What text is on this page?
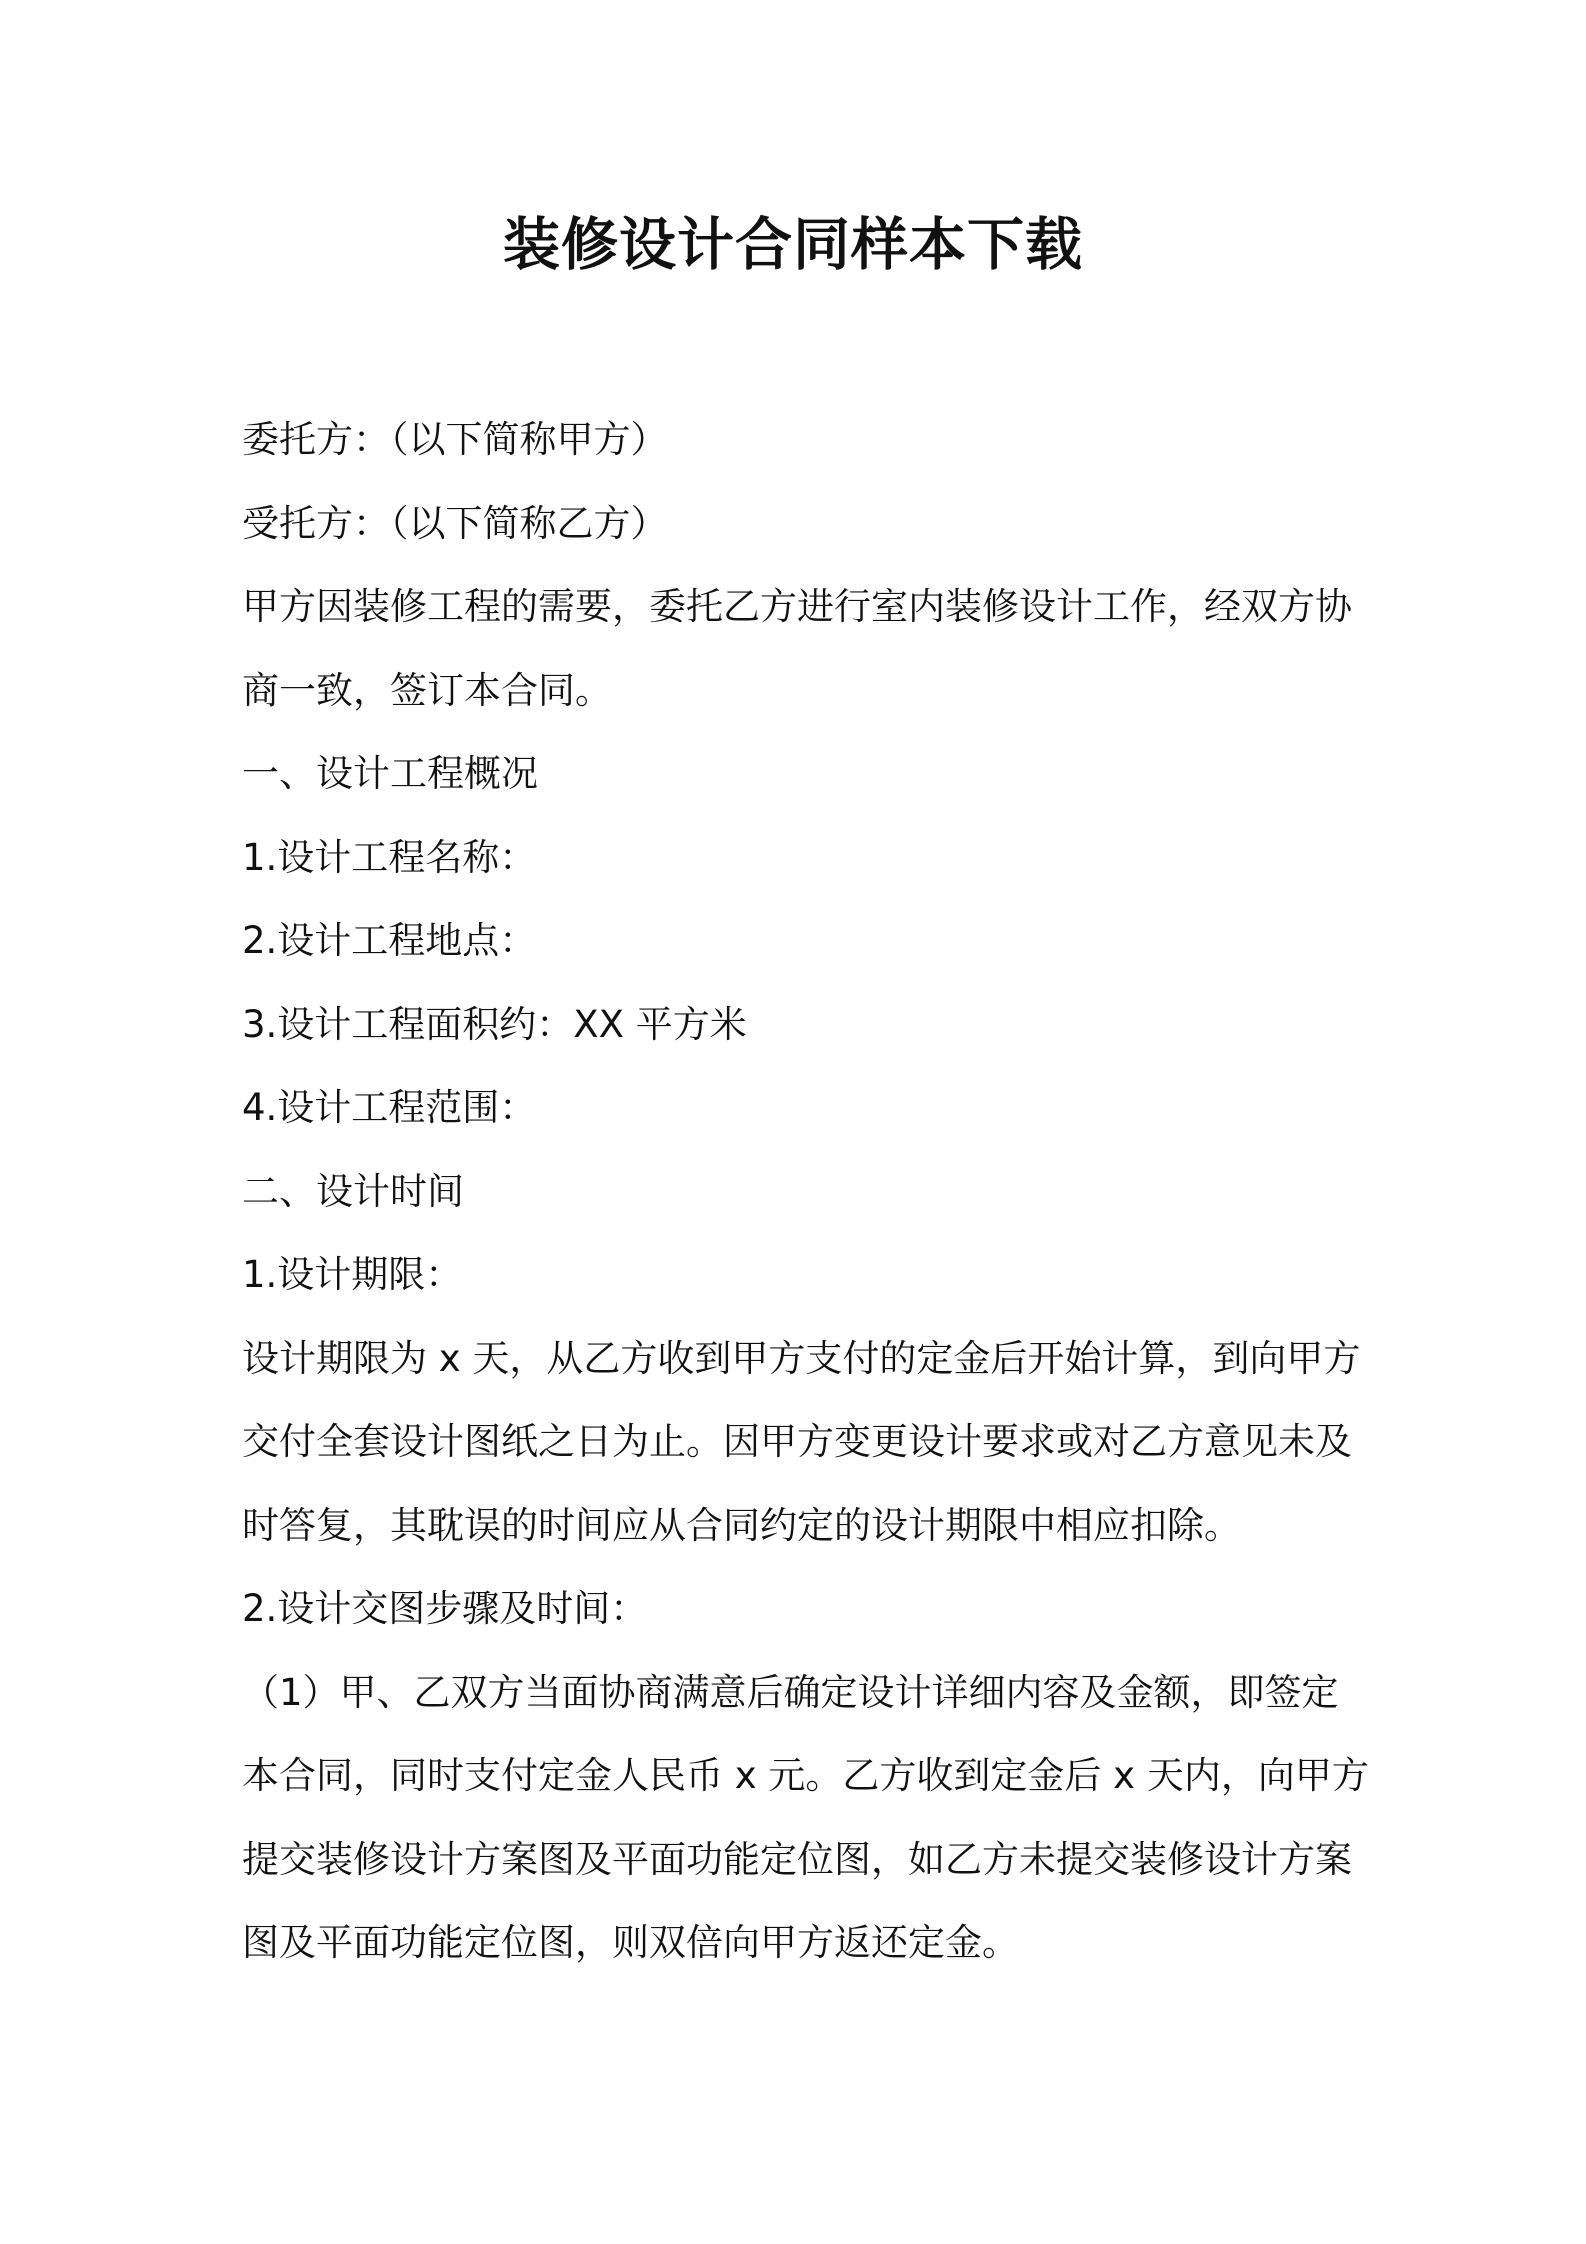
装修设计合同样本下载

委托方：（以下简称甲方）

受托方：（以下简称乙方）

甲方因装修工程的需要，委托乙方进行室内装修设计工作，经双方协

商一致，签订本合同。

一、设计工程概况

1.设计工程名称：

2.设计工程地点：

3.设计工程面积约：XX 平方米

4.设计工程范围：

二、设计时间

1.设计期限：

设计期限为 x 天，从乙方收到甲方支付的定金后开始计算，到向甲方

交付全套设计图纸之日为止。因甲方变更设计要求或对乙方意见未及

时答复，其耽误的时间应从合同约定的设计期限中相应扣除。

2.设计交图步骤及时间：

（1）甲、乙双方当面协商满意后确定设计详细内容及金额，即签定

本合同，同时支付定金人民币 x 元。乙方收到定金后 x 天内，向甲方

提交装修设计方案图及平面功能定位图，如乙方未提交装修设计方案

图及平面功能定位图，则双倍向甲方返还定金。
